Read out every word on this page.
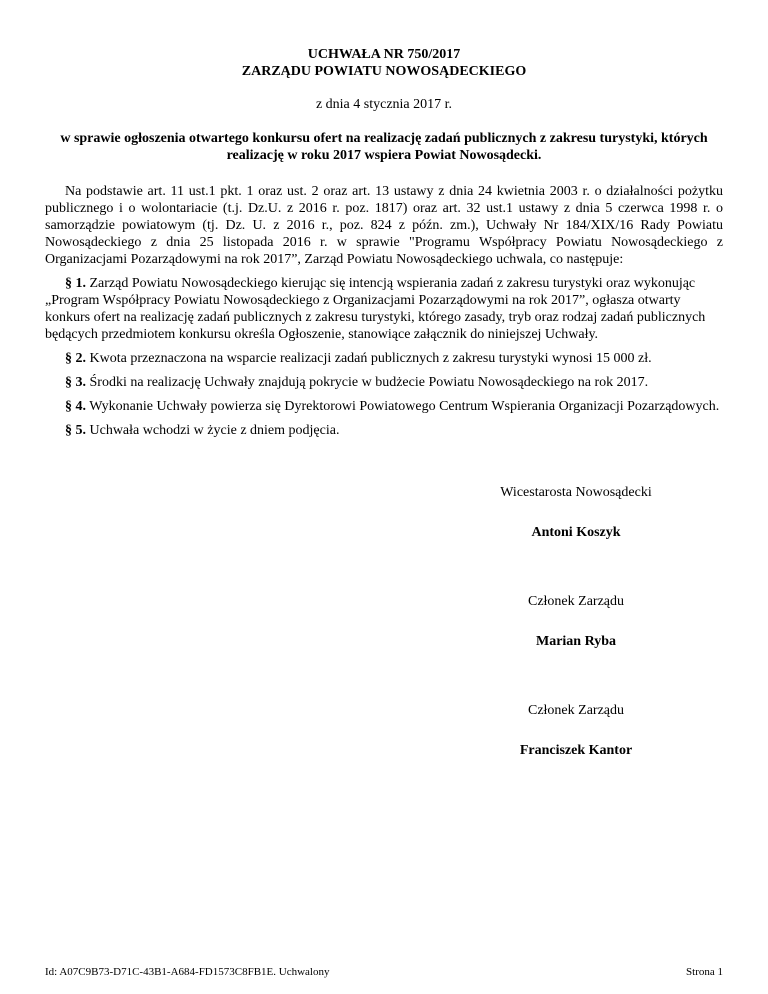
UCHWAŁA NR 750/2017
ZARZĄDU POWIATU NOWOSĄDECKIEGO
z dnia 4 stycznia 2017 r.
w sprawie ogłoszenia otwartego konkursu ofert na realizację zadań publicznych z zakresu turystyki, których realizację w roku 2017 wspiera Powiat Nowosądecki.

Na podstawie art. 11 ust.1 pkt. 1 oraz ust. 2 oraz art. 13 ustawy z dnia 24 kwietnia 2003 r. o działalności pożytku publicznego i o wolontariacie (t.j. Dz.U. z 2016 r. poz. 1817) oraz art. 32 ust.1 ustawy z dnia 5 czerwca 1998 r. o samorządzie powiatowym (tj. Dz. U. z 2016 r., poz. 824 z późn. zm.), Uchwały Nr 184/XIX/16 Rady Powiatu Nowosądeckiego z dnia 25 listopada 2016 r. w sprawie "Programu Współpracy Powiatu Nowosądeckiego z Organizacjami Pozarządowymi na rok 2017”, Zarząd Powiatu Nowosądeckiego uchwala, co następuje:

§ 1. Zarząd Powiatu Nowosądeckiego kierując się intencją wspierania zadań z zakresu turystyki oraz wykonując „Program Współpracy Powiatu Nowosądeckiego z Organizacjami Pozarządowymi na rok 2017”, ogłasza otwarty konkurs ofert na realizację zadań publicznych z zakresu turystyki, którego zasady, tryb oraz rodzaj zadań publicznych będących przedmiotem konkursu określa Ogłoszenie, stanowiące załącznik do niniejszej Uchwały.

§ 2. Kwota przeznaczona na wsparcie realizacji zadań publicznych z zakresu turystyki wynosi 15 000 zł.

§ 3. Środki na realizację Uchwały znajdują pokrycie w budżecie Powiatu Nowosądeckiego na rok 2017.

§ 4. Wykonanie Uchwały powierza się Dyrektorowi Powiatowego Centrum Wspierania Organizacji Pozarządowych.

§ 5. Uchwała wchodzi w życie z dniem podjęcia.

Wicestarosta Nowosądecki
Antoni Koszyk
Członek Zarządu
Marian Ryba
Członek Zarządu
Franciszek Kantor
Id: A07C9B73-D71C-43B1-A684-FD1573C8FB1E. Uchwalony	Strona 1
